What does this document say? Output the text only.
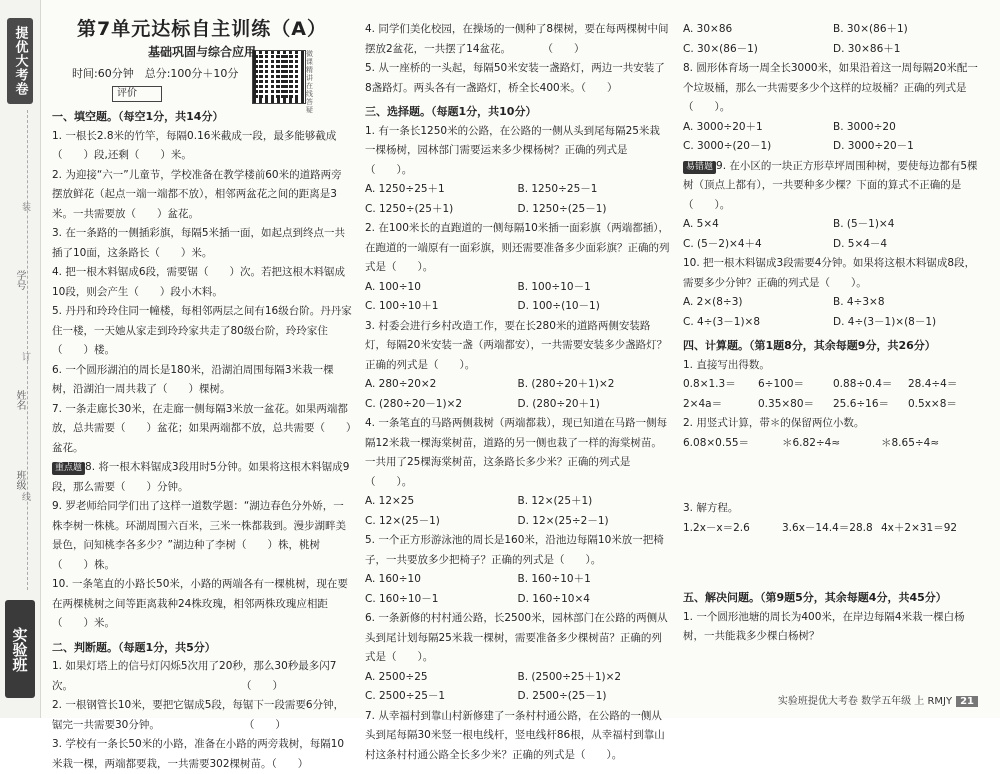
提优大考卷
班级
姓名
学号
装
订
线
实验班
微课精讲在线答疑
第7单元达标自主训练（A）
基础巩固与综合应用
时间:60分钟　总分:100分＋10分
评价
一、填空题。（每空1分，共14分）
1. 一根长2.8米的竹竿，每隔0.16米截成一段，最多能够截成（　　）段,还剩（　　）米。
2. 为迎接“六一”儿童节，学校准备在教学楼前60米的道路两旁摆放鲜花（起点一端一端都不放），相邻两盆花之间的距离是3米。一共需要放（　　）盆花。
3. 在一条路的一侧插彩旗，每隔5米插一面，如起点到终点一共插了10面，这条路长（　　）米。
4. 把一根木料锯成6段，需要锯（　　）次。若把这根木料锯成10段，则会产生（　　）段小木料。
5. 丹丹和玲玲住同一幢楼，每相邻两层之间有16级台阶。丹丹家住一楼，一天她从家走到玲玲家共走了80级台阶，玲玲家住（　　）楼。
6. 一个圆形湖泊的周长是180米，沿湖泊周围每隔3米栽一棵树，沿湖泊一周共栽了（　　）棵树。
7. 一条走廊长30米，在走廊一侧每隔3米放一盆花。如果两端都放，总共需要（　　）盆花；如果两端都不放，总共需要（　　）盆花。
重点题 8. 将一根木料锯成3段用时5分钟。如果将这根木料锯成9段，那么需要（　　）分钟。
9. 罗老师给同学们出了这样一道数学题：“湖边春色分外娇，一株李树一株桃。环湖周围六百米，三米一株都栽到。漫步湖畔美景色，问知桃李各多少？”湖边种了李树（　　）株，桃树（　　）株。
10. 一条笔直的小路长50米，小路的两端各有一棵桃树，现在要在两棵桃树之间等距离栽种24株玫瑰，相邻两株玫瑰应相距（　　）米。
二、判断题。（每题1分，共5分）
1. 如果灯塔上的信号灯闪烁5次用了20秒，那么30秒最多闪7次。　　　　　　　　　　　　　　　　　（　　）
2. 一根钢管长10米，要把它锯成5段，每锯下一段需要6分钟，锯完一共需要30分钟。　　　　　　　　　（　　）
3. 学校有一条长50米的小路，准备在小路的两旁栽树，每隔10米栽一棵，两端都要栽，一共需要302棵树苗。（　　）
4. 同学们美化校园，在操场的一侧种了8棵树，要在每两棵树中间摆放2盆花，一共摆了14盆花。　　　　（　　）
5. 从一座桥的一头起，每隔50米安装一盏路灯，两边一共安装了8盏路灯。两头各有一盏路灯，桥全长400米。（　　）
三、选择题。（每题1分，共10分）
1. 有一条长1250米的公路，在公路的一侧从头到尾每隔25米栽一棵杨树，园林部门需要运来多少棵杨树？正确的列式是（　　）。
A. 1250÷25＋1	B. 1250÷25－1
C. 1250÷(25＋1)	D. 1250÷(25－1)
2. 在100米长的直跑道的一侧每隔10米插一面彩旗（两端都插），在跑道的一端原有一面彩旗，则还需要准备多少面彩旗？正确的列式是（　　）。
A. 100÷10	B. 100÷10－1
C. 100÷10＋1	D. 100÷(10－1)
3. 村委会进行乡村改造工作，要在长280米的道路两侧安装路灯，每隔20米安装一盏（两端都安），一共需要安装多少盏路灯？正确的列式是（　　）。
A. 280÷20×2	B. (280÷20＋1)×2
C. (280÷20－1)×2	D. (280÷20＋1)
4. 一条笔直的马路两侧栽树（两端都栽），现已知道在马路一侧每隔12米栽一棵海棠树苗，道路的另一侧也栽了一样的海棠树苗。一共用了25棵海棠树苗，这条路长多少米？正确的列式是（　　）。
A. 12×25	B. 12×(25＋1)
C. 12×(25－1)	D. 12×(25÷2－1)
5. 一个正方形游泳池的周长是160米，沿池边每隔10米放一把椅子，一共要放多少把椅子？正确的列式是（　　）。
A. 160÷10	B. 160÷10＋1
C. 160÷10－1	D. 160÷10×4
6. 一条新修的村村通公路，长2500米，园林部门在公路的两侧从头到尾计划每隔25米栽一棵树，需要准备多少棵树苗？正确的列式是（　　）。
A. 2500÷25	B. (2500÷25＋1)×2
C. 2500÷25－1	D. 2500÷(25－1)
7. 从幸福村到靠山村新修建了一条村村通公路，在公路的一侧从头到尾每隔30米竖一根电线杆，竖电线杆86根，从幸福村到靠山村这条村村通公路全长多少米？正确的列式是（　　）。
A. 30×86	B. 30×(86＋1)
C. 30×(86－1)	D. 30×86＋1
8. 圆形体育场一周全长3000米，如果沿着这一周每隔20米配一个垃圾桶，那么一共需要多少个这样的垃圾桶？正确的列式是（　　）。
A. 3000÷20＋1	B. 3000÷20
C. 3000÷(20－1)	D. 3000÷20－1
易错题 9. 在小区的一块正方形草坪周围种树，要使每边都有5棵树（顶点上都有），一共要种多少棵？下面的算式不正确的是（　　）。
A. 5×4	B. (5－1)×4
C. (5－2)×4＋4	D. 5×4－4
10. 把一根木料锯成3段需要4分钟。如果将这根木料锯成8段，需要多少分钟？正确的列式是（　　）。
A. 2×(8÷3)	B. 4÷3×8
C. 4÷(3－1)×8	D. 4÷(3－1)×(8－1)
四、计算题。（第1题8分，其余每题9分，共26分）
1. 直接写出得数。
0.8×1.3＝	6÷100＝	0.88÷0.4＝	28.4÷4＝
2×4a＝	0.35×80＝	25.6÷16＝	0.5x×8＝
2. 用竖式计算，带＊的保留两位小数。
6.08×0.55＝	＊6.82÷4≈	＊8.65÷4≈
3. 解方程。
1.2x－x＝2.6	3.6x－14.4＝28.8 4x＋2×31＝92
五、解决问题。（第9题5分，其余每题4分，共45分）
1. 一个圆形池塘的周长为400米，在岸边每隔4米栽一棵白杨树，一共能栽多少棵白杨树？
实验班提优大考卷 数学五年级 上 RMJY 21
